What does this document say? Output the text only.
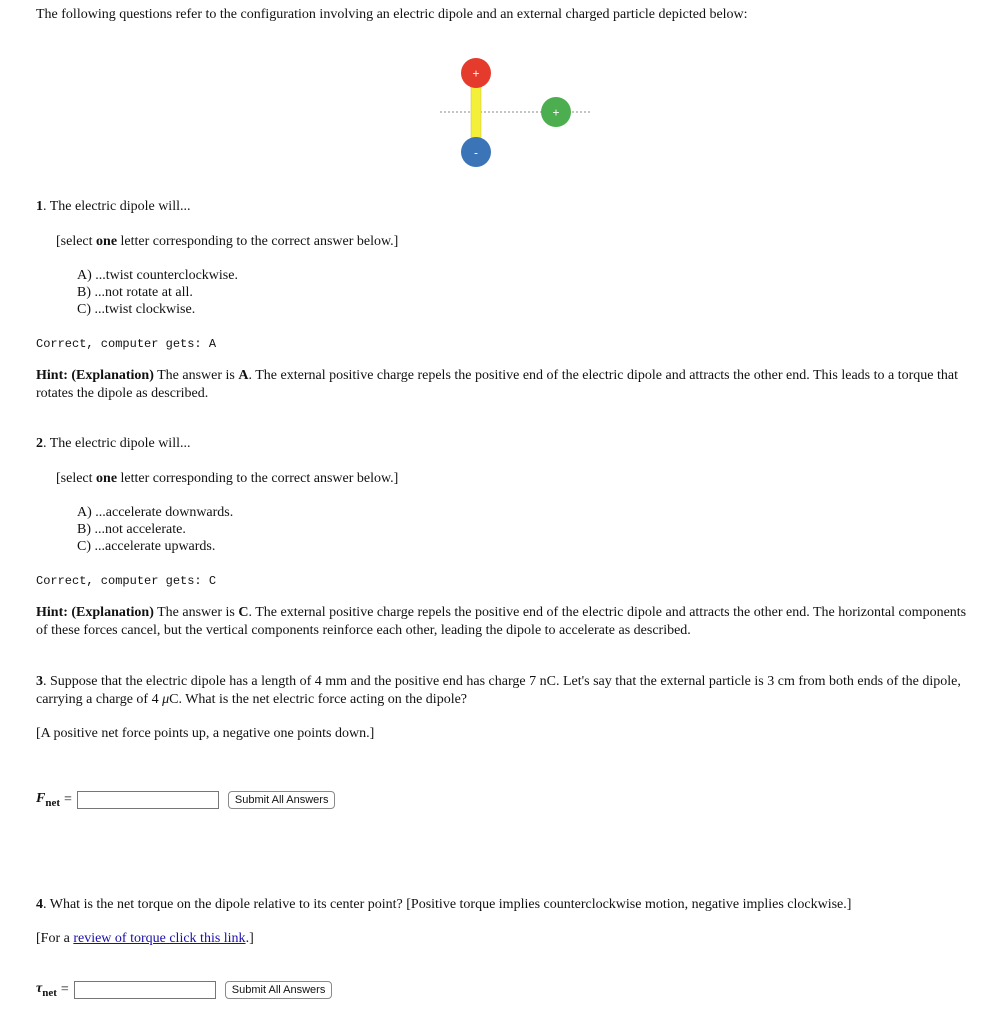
The following questions refer to the configuration involving an electric dipole and an external charged particle depicted below:
+
-
+
1. The electric dipole will...
[select one letter corresponding to the correct answer below.]
A) ...twist counterclockwise.
B) ...not rotate at all.
C) ...twist clockwise.
Correct, computer gets: A
Hint: (Explanation) The answer is A. The external positive charge repels the positive end of the electric dipole and attracts the other end. This leads to a torque that rotates the dipole as described.
2. The electric dipole will...
[select one letter corresponding to the correct answer below.]
A) ...accelerate downwards.
B) ...not accelerate.
C) ...accelerate upwards.
Correct, computer gets: C
Hint: (Explanation) The answer is C. The external positive charge repels the positive end of the electric dipole and attracts the other end. The horizontal components of these forces cancel, but the vertical components reinforce each other, leading the dipole to accelerate as described.
3. Suppose that the electric dipole has a length of 4 mm and the positive end has charge 7 nC. Let's say that the external particle is 3 cm from both ends of the dipole, carrying a charge of 4 μC. What is the net electric force acting on the dipole?
[A positive net force points up, a negative one points down.]
$F_{net}$ =	Submit All Answers
4. What is the net torque on the dipole relative to its center point? [Positive torque implies counterclockwise motion, negative implies clockwise.]
[For a review of torque click this link.]
$\tau_{net}$ =	Submit All Answers
